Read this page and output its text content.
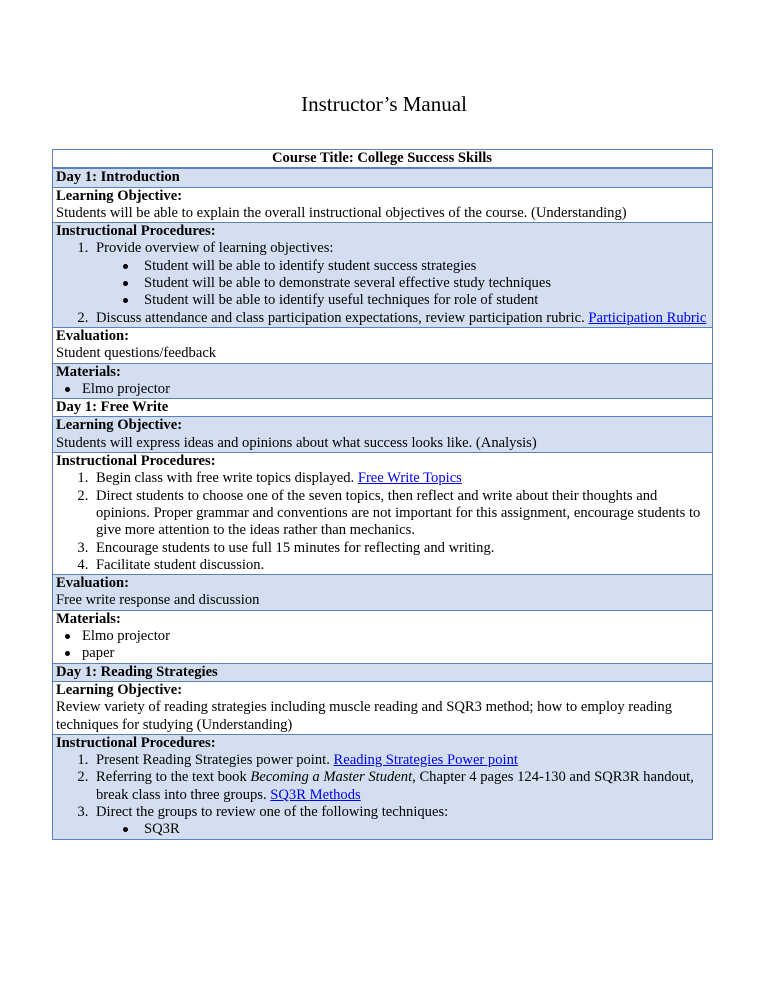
Instructor’s Manual
Course Title: College Success Skills
Day 1: Introduction

Learning Objective:
Students will be able to explain the overall instructional objectives of the course. (Understanding)

Instructional Procedures:
1. Provide overview of learning objectives:
Student will be able to identify student success strategies
Student will be able to demonstrate several effective study techniques
Student will be able to identify useful techniques for role of student
2. Discuss attendance and class participation expectations, review participation rubric. Participation Rubric

Evaluation:
Student questions/feedback

Materials:
Elmo projector

Day 1: Free Write

Learning Objective:
Students will express ideas and opinions about what success looks like. (Analysis)

Instructional Procedures:
1. Begin class with free write topics displayed. Free Write Topics
2. Direct students to choose one of the seven topics, then reflect and write about their thoughts and opinions. Proper grammar and conventions are not important for this assignment, encourage students to give more attention to the ideas rather than mechanics.
3. Encourage students to use full 15 minutes for reflecting and writing.
4. Facilitate student discussion.

Evaluation:
Free write response and discussion

Materials:
Elmo projector
paper

Day 1: Reading Strategies

Learning Objective:
Review variety of reading strategies including muscle reading and SQR3 method; how to employ reading techniques for studying (Understanding)

Instructional Procedures:
1. Present Reading Strategies power point. Reading Strategies Power point
2. Referring to the text book Becoming a Master Student, Chapter 4 pages 124-130 and SQR3R handout, break class into three groups. SQ3R Methods
3. Direct the groups to review one of the following techniques:
SQ3R
